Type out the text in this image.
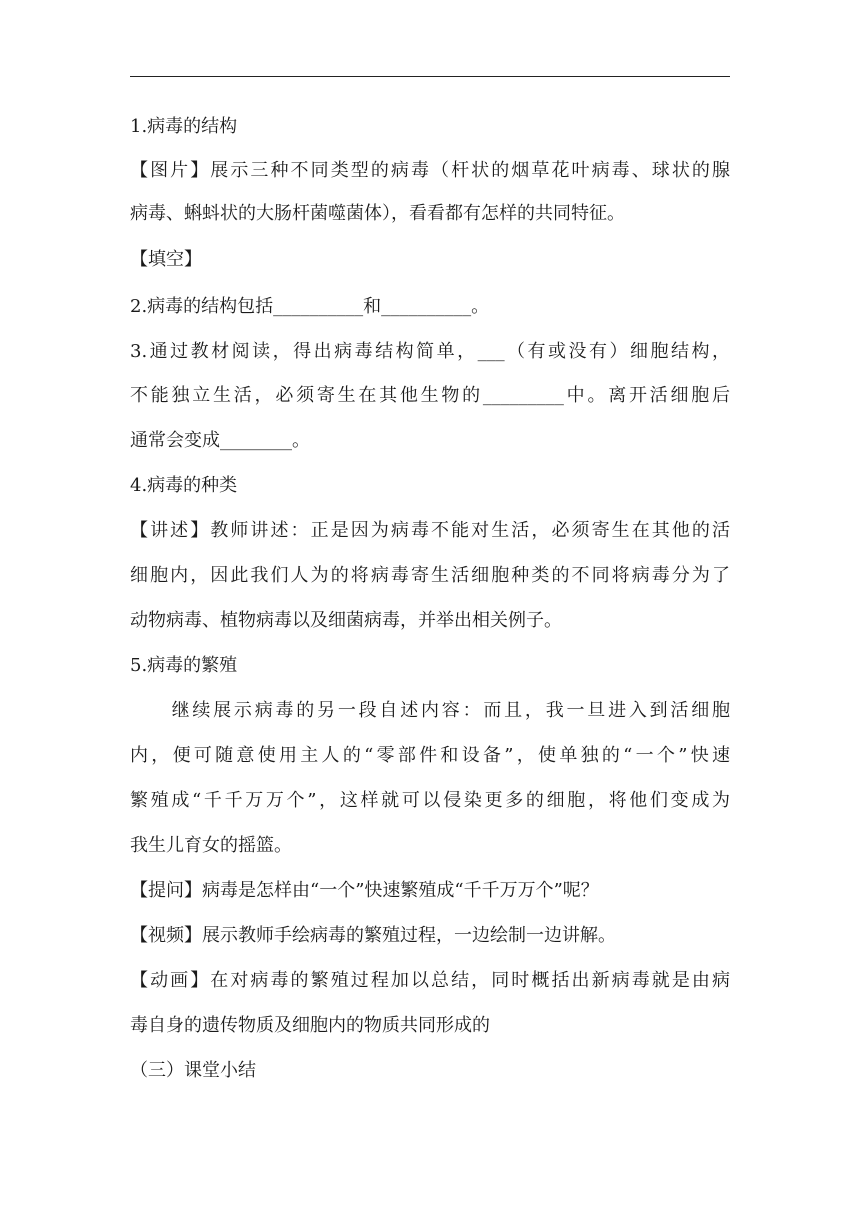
1.病毒的结构
【图片】展示三种不同类型的病毒（杆状的烟草花叶病毒、球状的腺
病毒、蝌蚪状的大肠杆菌噬菌体），看看都有怎样的共同特征。
【填空】
2.病毒的结构包括__________和__________。
3.通过教材阅读，得出病毒结构简单，___（有或没有）细胞结构，
不能独立生活，必须寄生在其他生物的_________中。离开活细胞后
通常会变成________。
4.病毒的种类
【讲述】教师讲述：正是因为病毒不能对生活，必须寄生在其他的活
细胞内，因此我们人为的将病毒寄生活细胞种类的不同将病毒分为了
动物病毒、植物病毒以及细菌病毒，并举出相关例子。
5.病毒的繁殖
　　继续展示病毒的另一段自述内容：而且，我一旦进入到活细胞
内，便可随意使用主人的“零部件和设备”，使单独的“一个”快速
繁殖成“千千万万个”，这样就可以侵染更多的细胞，将他们变成为
我生儿育女的摇篮。
【提问】病毒是怎样由“一个”快速繁殖成“千千万万个”呢？
【视频】展示教师手绘病毒的繁殖过程，一边绘制一边讲解。
【动画】在对病毒的繁殖过程加以总结，同时概括出新病毒就是由病
毒自身的遗传物质及细胞内的物质共同形成的
（三）课堂小结
